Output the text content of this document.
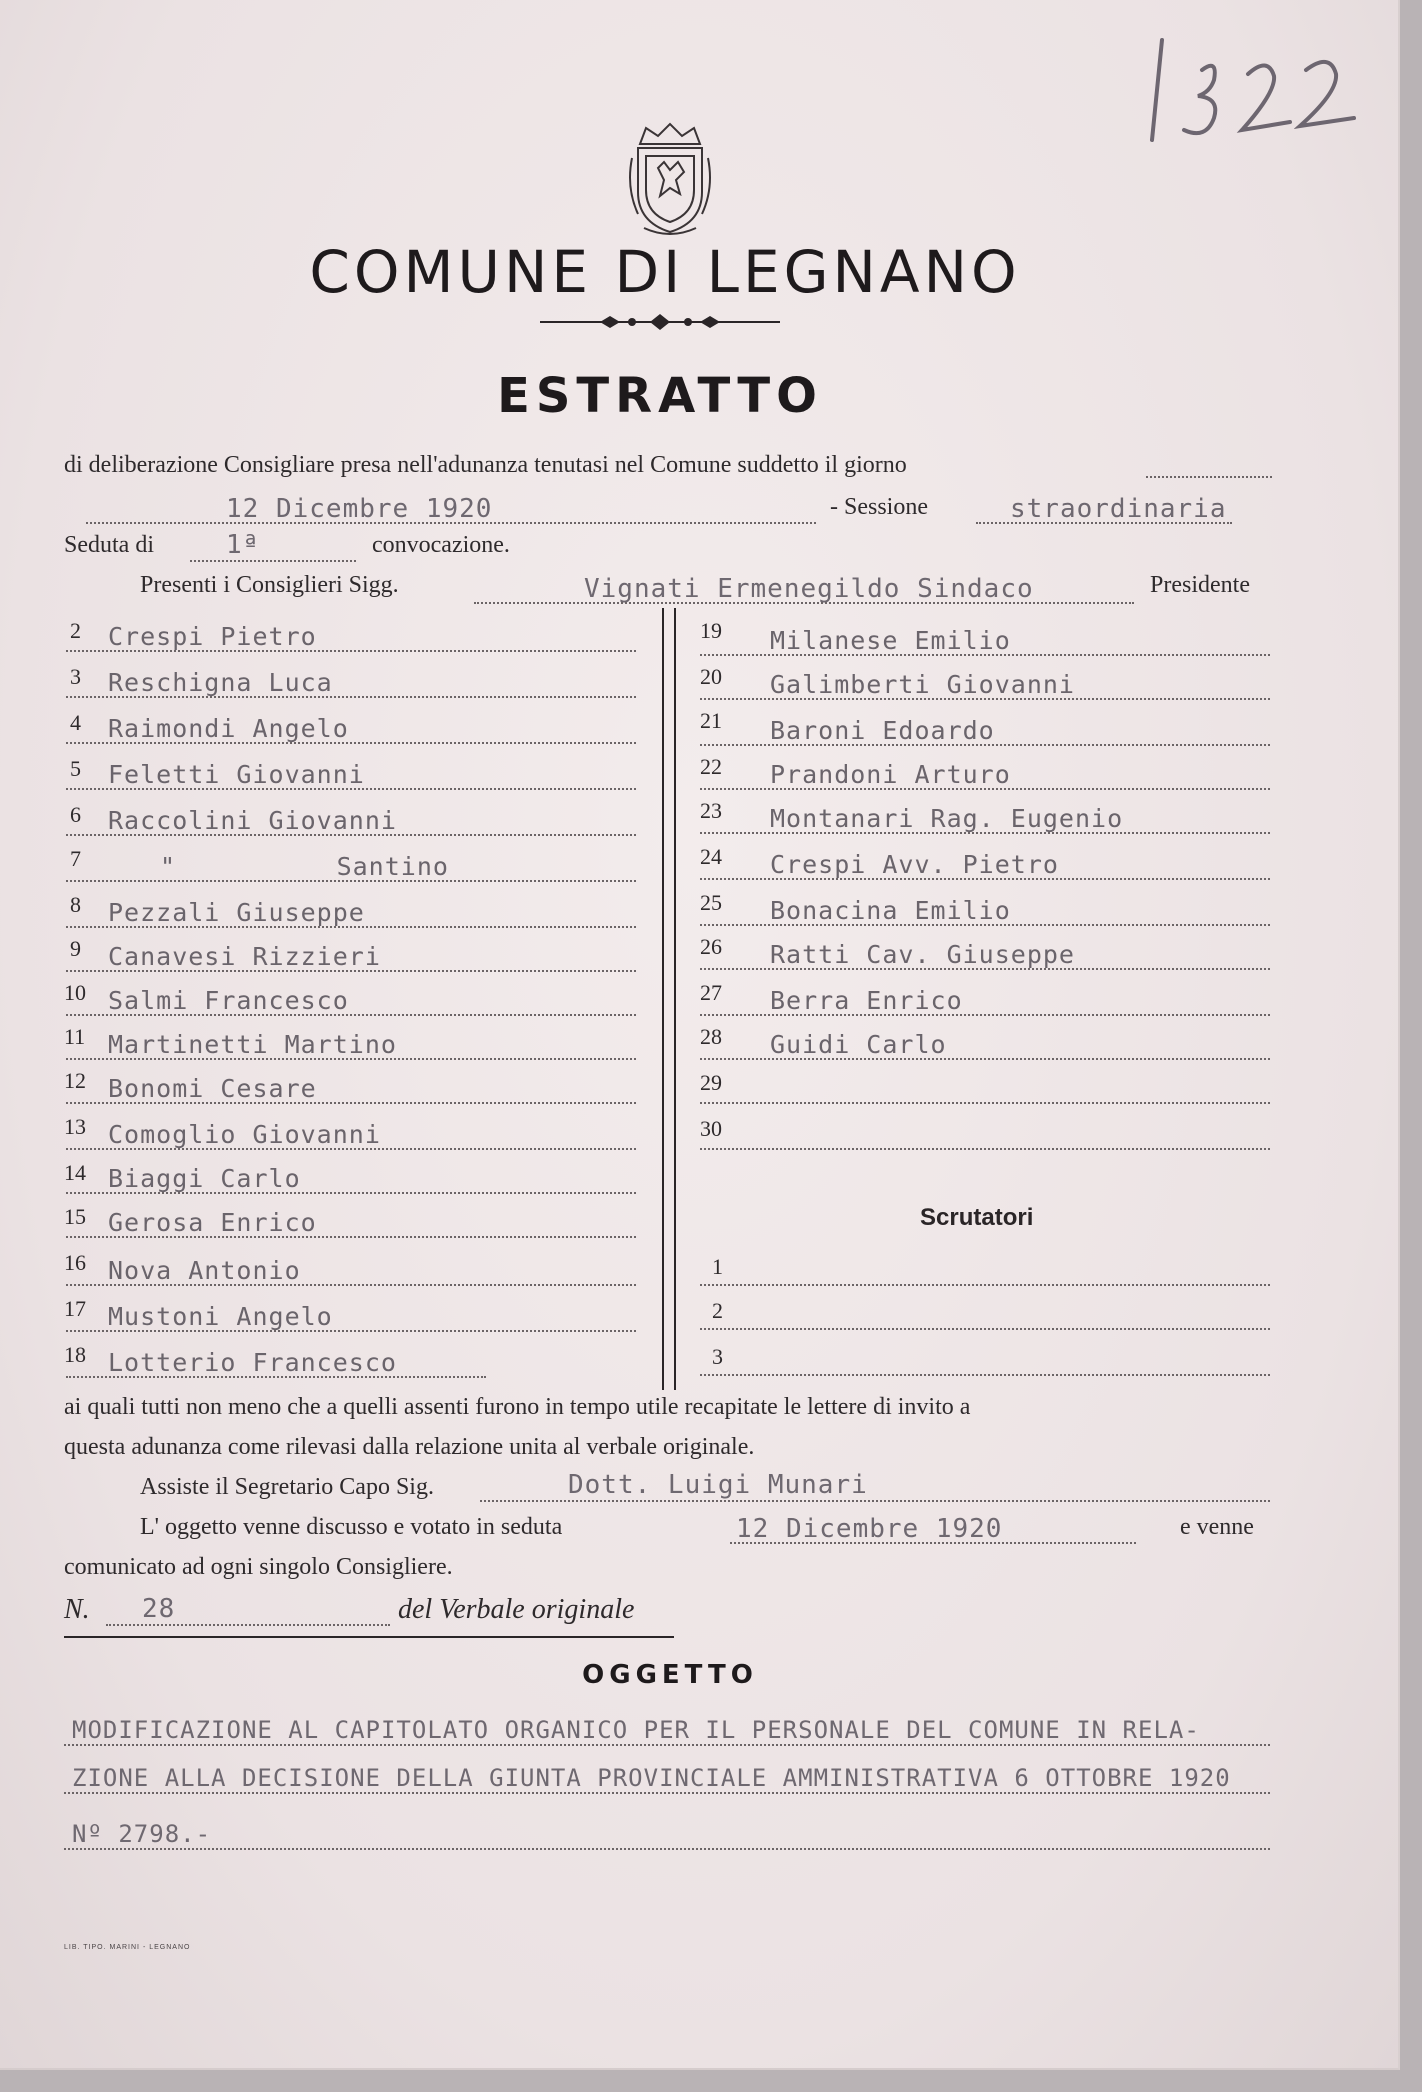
COMUNE DI LEGNANO
ESTRATTO
di deliberazione Consigliare presa nell'adunanza tenutasi nel Comune suddetto il giorno
12 Dicembre 1920	- Sessione	straordinaria
Seduta di	1ª	convocazione.
Presenti i Consiglieri Sigg.	Vignati Ermenegildo Sindaco	Presidente
2 Crespi Pietro
3 Reschigna Luca
4 Raimondi Angelo
5 Feletti Giovanni
6 Raccolini Giovanni
7	"          Santino
8 Pezzali Giuseppe
9 Canavesi Rizzieri
10 Salmi Francesco
11 Martinetti Martino
12 Bonomi Cesare
13 Comoglio Giovanni
14 Biaggi Carlo
15 Gerosa Enrico
16 Nova Antonio
17 Mustoni Angelo
18 Lotterio Francesco
19 Milanese Emilio
20 Galimberti Giovanni
21 Baroni Edoardo
22 Prandoni Arturo
23 Montanari Rag. Eugenio
24 Crespi Avv. Pietro
25 Bonacina Emilio
26 Ratti Cav. Giuseppe
27 Berra Enrico
28 Guidi Carlo
29
30
Scrutatori
1
2
3
ai quali tutti non meno che a quelli assenti furono in tempo utile recapitate le lettere di invito a
questa adunanza come rilevasi dalla relazione unita al verbale originale.
Assiste il Segretario Capo Sig.	Dott. Luigi Munari
L' oggetto venne discusso e votato in seduta	12 Dicembre 1920	e venne
comunicato ad ogni singolo Consigliere.
N. 28	del Verbale originale
OGGETTO
MODIFICAZIONE AL CAPITOLATO ORGANICO PER IL PERSONALE DEL COMUNE IN RELA-
ZIONE ALLA DECISIONE DELLA GIUNTA PROVINCIALE AMMINISTRATIVA 6 OTTOBRE 1920
Nº 2798.-
LIB. TIPO. MARINI - LEGNANO
